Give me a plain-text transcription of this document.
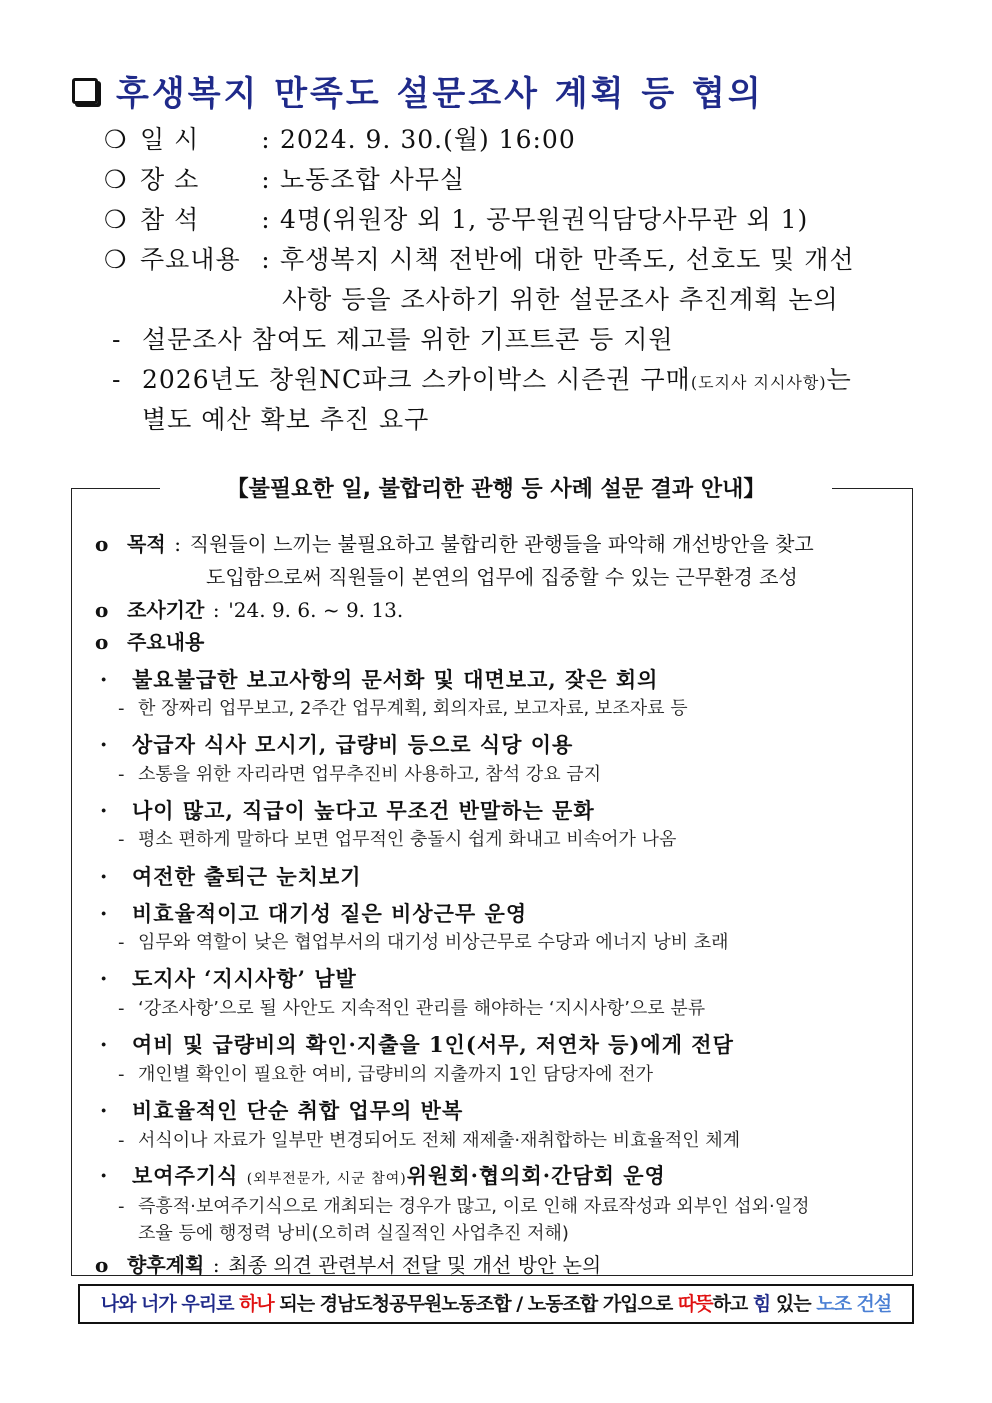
후생복지 만족도 설문조사 계획 등 협의
❍ 일 시 : 2024. 9. 30.(월) 16:00
❍ 장 소 : 노동조합 사무실
❍ 참 석 : 4명(위원장 외 1, 공무원권익담당사무관 외 1)
❍ 주요내용 : 후생복지 시책 전반에 대한 만족도, 선호도 및 개선
사항 등을 조사하기 위한 설문조사 추진계획 논의
- 설문조사 참여도 제고를 위한 기프트콘 등 지원
- 2026년도 창원NC파크 스카이박스 시즌권 구매(도지사 지시사항)는
별도 예산 확보 추진 요구
【불필요한 일, 불합리한 관행 등 사례 설문 결과 안내】
o 목적 : 직원들이 느끼는 불필요하고 불합리한 관행들을 파악해 개선방안을 찾고
도입함으로써 직원들이 본연의 업무에 집중할 수 있는 근무환경 조성
o 조사기간 : '24. 9. 6. ~ 9. 13.
o 주요내용
· 불요불급한 보고사항의 문서화 및 대면보고, 잦은 회의
- 한 장짜리 업무보고, 2주간 업무계획, 회의자료, 보고자료, 보조자료 등
· 상급자 식사 모시기, 급량비 등으로 식당 이용
- 소통을 위한 자리라면 업무추진비 사용하고, 참석 강요 금지
· 나이 많고, 직급이 높다고 무조건 반말하는 문화
- 평소 편하게 말하다 보면 업무적인 충돌시 쉽게 화내고 비속어가 나옴
· 여전한 출퇴근 눈치보기
· 비효율적이고 대기성 짙은 비상근무 운영
- 임무와 역할이 낮은 협업부서의 대기성 비상근무로 수당과 에너지 낭비 초래
· 도지사 ‘지시사항’ 남발
- ‘강조사항’으로 될 사안도 지속적인 관리를 해야하는 ‘지시사항’으로 분류
· 여비 및 급량비의 확인·지출을 1인(서무, 저연차 등)에게 전담
- 개인별 확인이 필요한 여비, 급량비의 지출까지 1인 담당자에 전가
· 비효율적인 단순 취합 업무의 반복
- 서식이나 자료가 일부만 변경되어도 전체 재제출·재취합하는 비효율적인 체계
· 보여주기식 (외부전문가, 시군 참여)위원회·협의회·간담회 운영
- 즉흥적·보여주기식으로 개최되는 경우가 많고, 이로 인해 자료작성과 외부인 섭외·일정
조율 등에 행정력 낭비(오히려 실질적인 사업추진 저해)
o 향후계획 : 최종 의견 관련부서 전달 및 개선 방안 논의
나와 너가 우리로 하나 되는 경남도청공무원노동조합 / 노동조합 가입으로 따뜻하고 힘 있는 노조 건설
